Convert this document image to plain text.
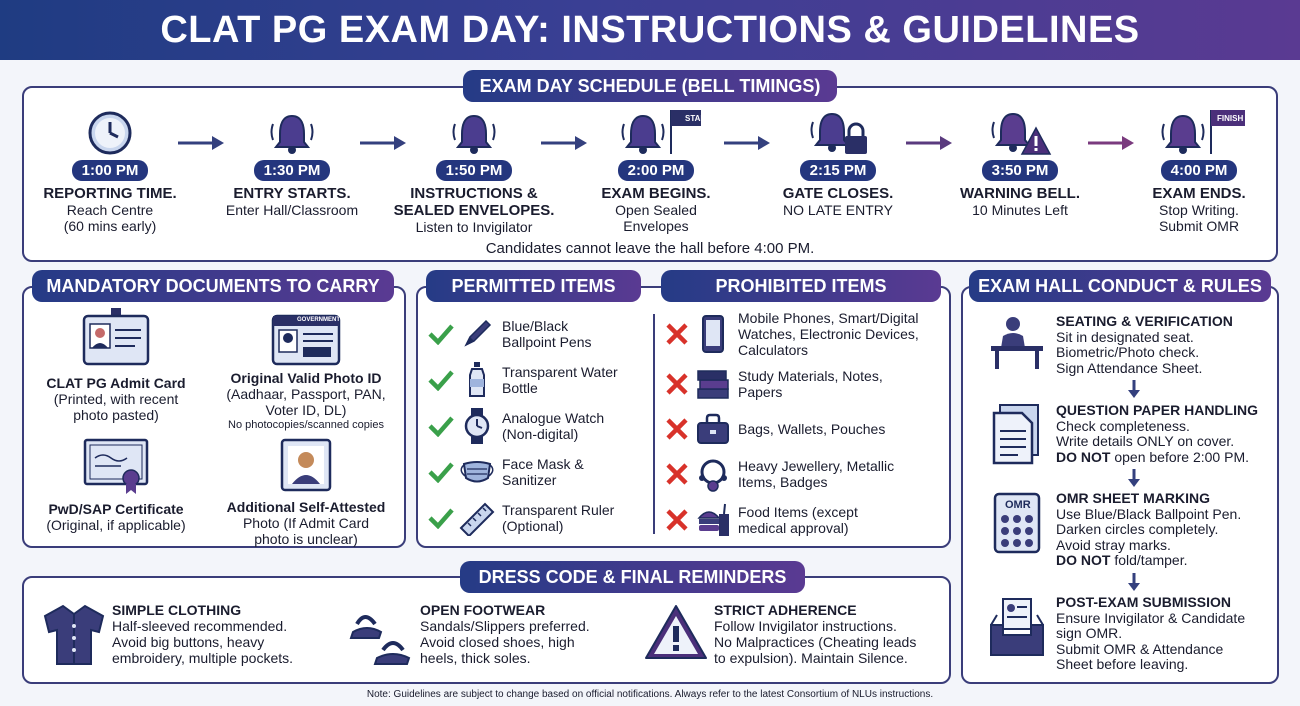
CLAT PG EXAM DAY: INSTRUCTIONS & GUIDELINES
EXAM DAY SCHEDULE (BELL TIMINGS)
1:00 PM
REPORTING TIME.
Reach Centre
(60 mins early)
1:30 PM
ENTRY STARTS.
Enter Hall/Classroom
1:50 PM
INSTRUCTIONS &
SEALED ENVELOPES.
Listen to Invigilator
START
2:00 PM
EXAM BEGINS.
Open Sealed
Envelopes
2:15 PM
GATE CLOSES.
NO LATE ENTRY
3:50 PM
WARNING BELL.
10 Minutes Left
FINISH
4:00 PM
EXAM ENDS.
Stop Writing.
Submit OMR
Candidates cannot leave the hall before 4:00 PM.
MANDATORY DOCUMENTS TO CARRY
CLAT PG Admit Card
(Printed, with recent
photo pasted)
GOVERNMENT
Original Valid Photo ID
(Aadhaar, Passport, PAN,
Voter ID, DL)
No photocopies/scanned copies
PwD/SAP Certificate
(Original, if applicable)
Additional Self-Attested
Photo (If Admit Card
photo is unclear)
PERMITTED ITEMS	PROHIBITED ITEMS
Blue/Black
Ballpoint Pens
Transparent Water
Bottle
Analogue Watch
(Non-digital)
Face Mask &
Sanitizer
Transparent Ruler
(Optional)
Mobile Phones, Smart/Digital
Watches, Electronic Devices,
Calculators
Study Materials, Notes,
Papers
Bags, Wallets, Pouches
Heavy Jewellery, Metallic
Items, Badges
Food Items (except
medical approval)
EXAM HALL CONDUCT & RULES
SEATING & VERIFICATION
Sit in designated seat.
Biometric/Photo check.
Sign Attendance Sheet.
QUESTION PAPER HANDLING
Check completeness.
Write details ONLY on cover.
DO NOT open before 2:00 PM.
OMR OMR SHEET MARKING
Use Blue/Black Ballpoint Pen.
Darken circles completely.
Avoid stray marks.
DO NOT fold/tamper.
POST-EXAM SUBMISSION
Ensure Invigilator & Candidate
sign OMR.
Submit OMR & Attendance
Sheet before leaving.
DRESS CODE & FINAL REMINDERS
SIMPLE CLOTHING
Half-sleeved recommended.
Avoid big buttons, heavy
embroidery, multiple pockets.
OPEN FOOTWEAR
Sandals/Slippers preferred.
Avoid closed shoes, high
heels, thick soles.
STRICT ADHERENCE
Follow Invigilator instructions.
No Malpractices (Cheating leads
to expulsion). Maintain Silence.
Note: Guidelines are subject to change based on official notifications. Always refer to the latest Consortium of NLUs instructions.
